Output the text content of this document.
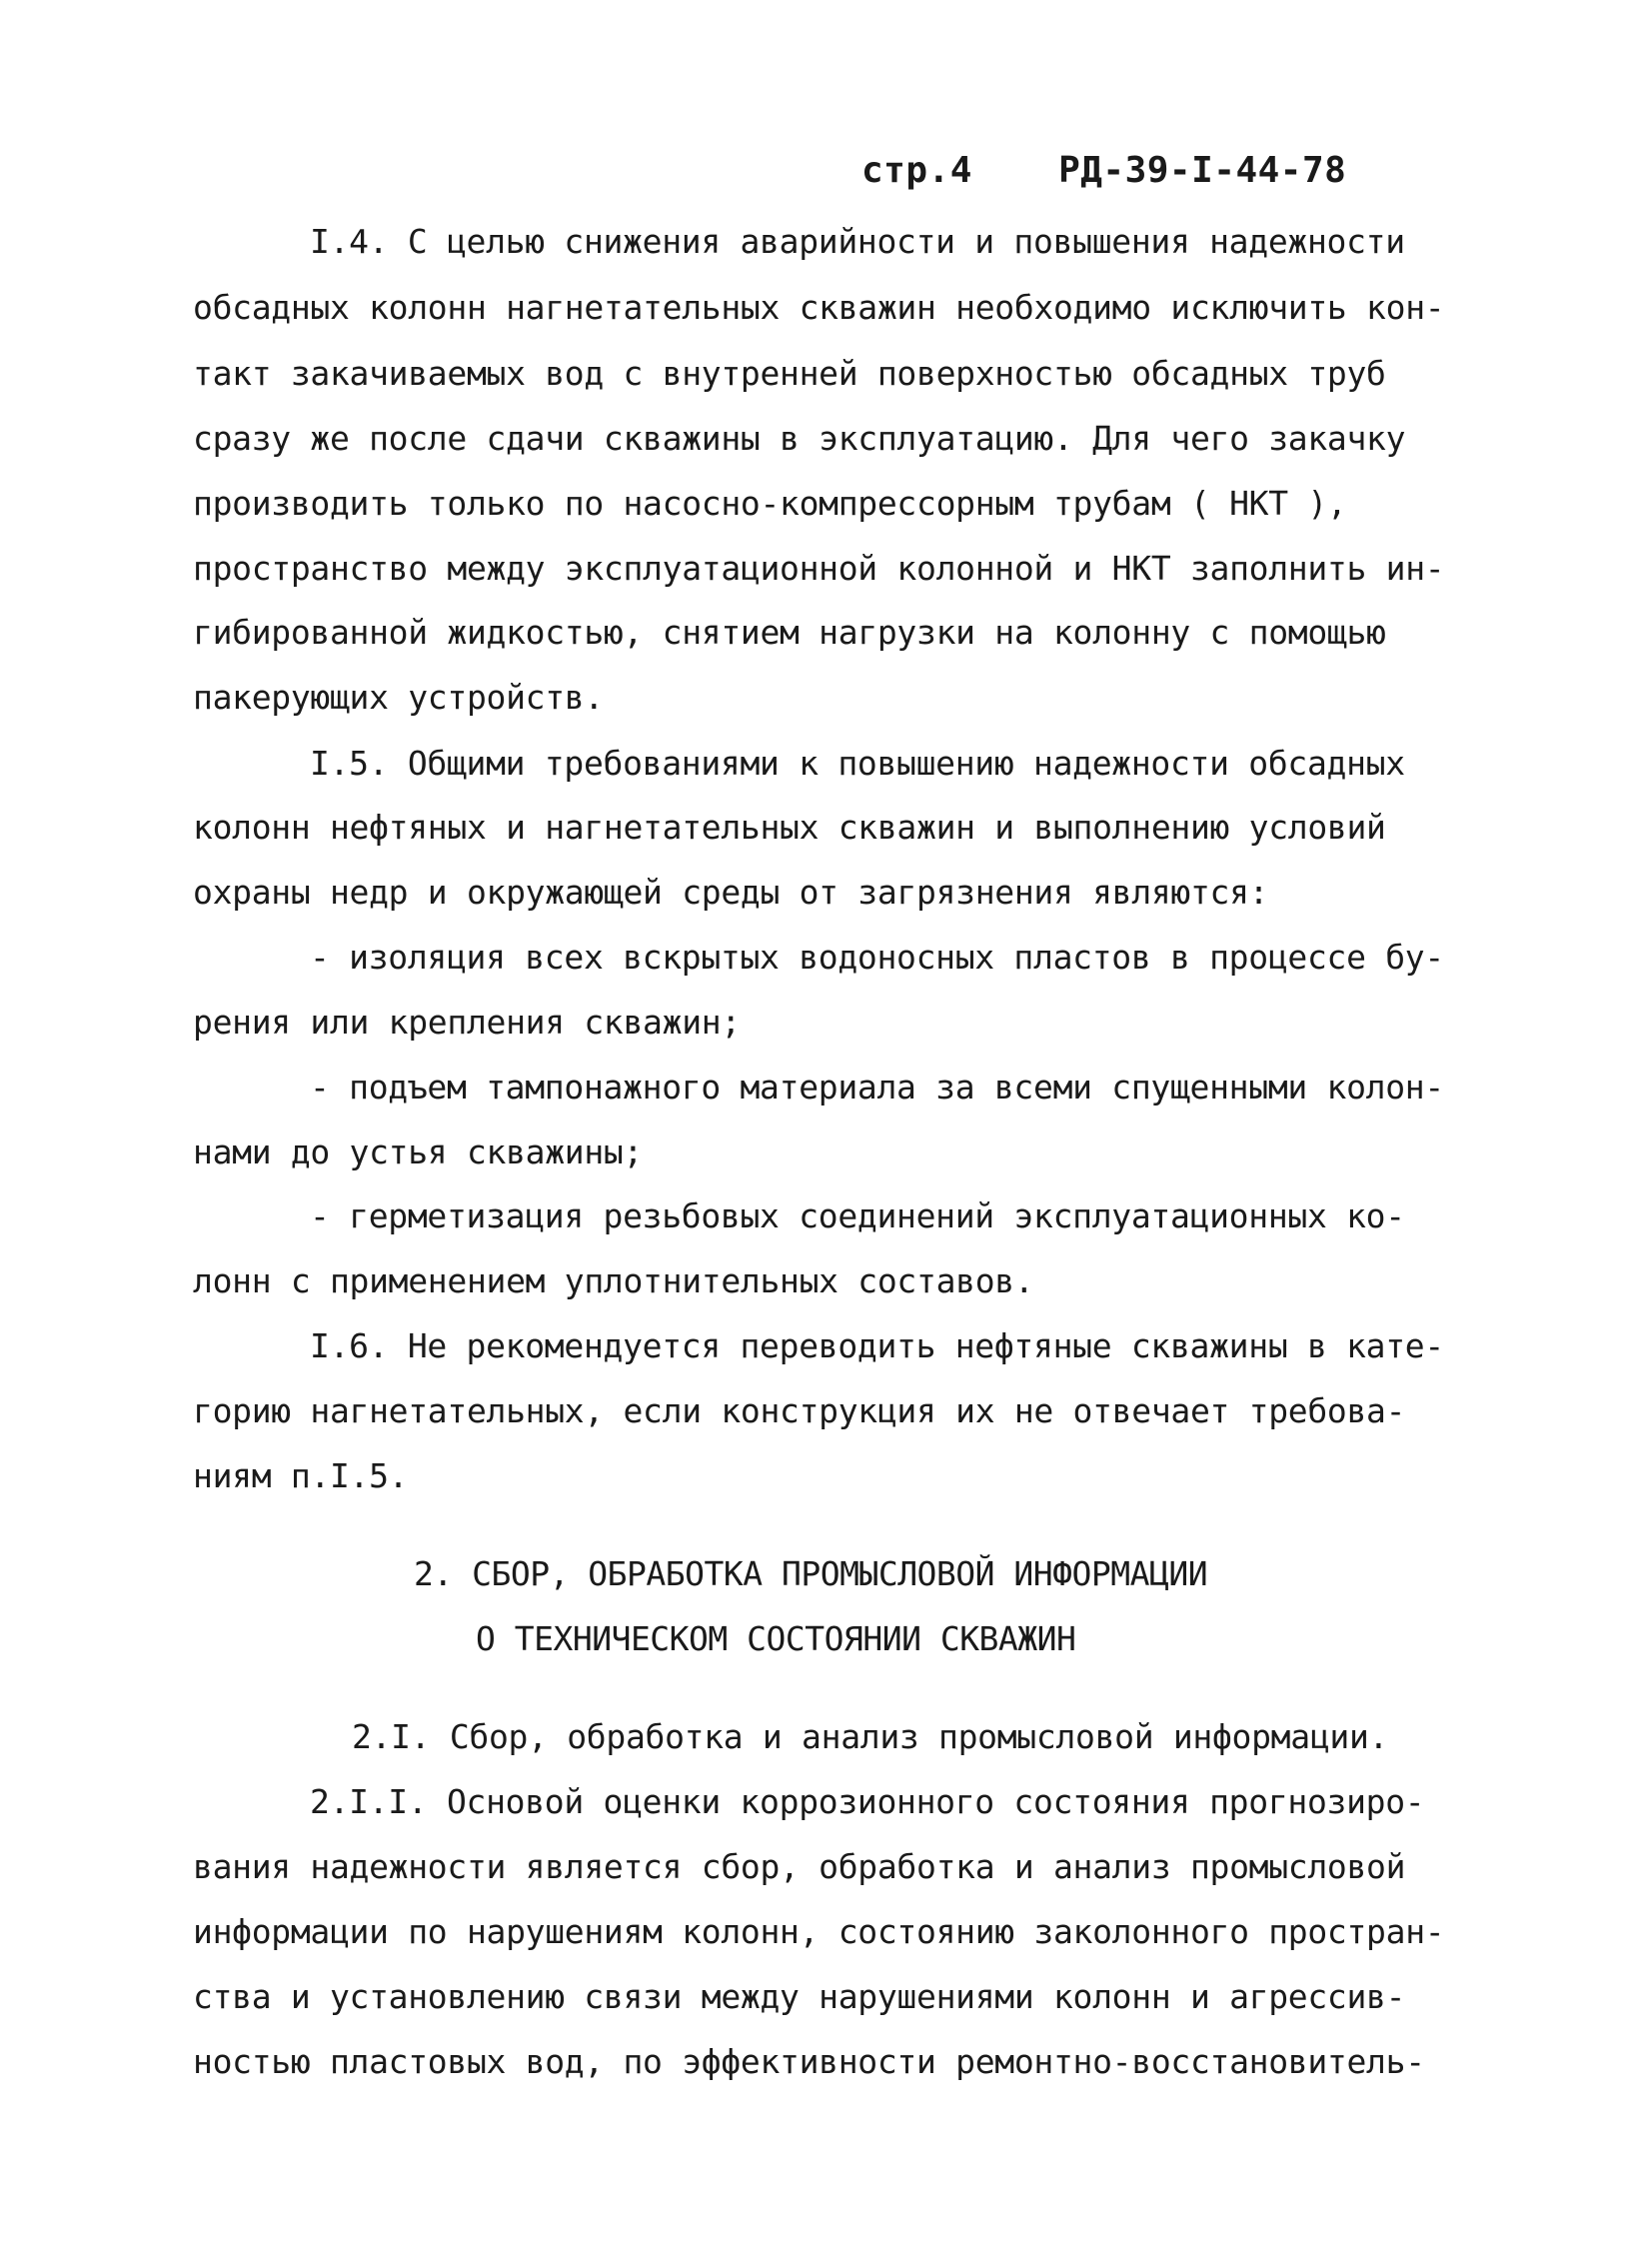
стр.4 РД-39-I-44-78
I.4. С целью снижения аварийности и повышения надежности
обсадных колонн нагнетательных скважин необходимо исключить кон-
такт закачиваемых вод с внутренней поверхностью обсадных труб
сразу же после сдачи скважины в эксплуатацию. Для чего закачку
производить только по насосно-компрессорным трубам ( НКТ ),
пространство между эксплуатационной колонной и НКТ заполнить ин-
гибированной жидкостью, снятием нагрузки на колонну с помощью
пакерующих устройств.
I.5. Общими требованиями к повышению надежности обсадных
колонн нефтяных и нагнетательных скважин и выполнению условий
охраны недр и окружающей среды от загрязнения являются:
- изоляция всех вскрытых водоносных пластов в процессе бу-
рения или крепления скважин;
- подъем тампонажного материала за всеми спущенными колон-
нами до устья скважины;
- герметизация резьбовых соединений эксплуатационных ко-
лонн с применением уплотнительных составов.
I.6. Не рекомендуется переводить нефтяные скважины в кате-
горию нагнетательных, если конструкция их не отвечает требова-
ниям п.I.5.
2. СБОР, ОБРАБОТКА ПРОМЫСЛОВОЙ ИНФОРМАЦИИ
О ТЕХНИЧЕСКОМ СОСТОЯНИИ СКВАЖИН
2.I. Сбор, обработка и анализ промысловой информации.
2.I.I. Основой оценки коррозионного состояния прогнозиро-
вания надежности является сбор, обработка и анализ промысловой
информации по нарушениям колонн, состоянию заколонного простран-
ства и установлению связи между нарушениями колонн и агрессив-
ностью пластовых вод, по эффективности ремонтно-восстановитель-
